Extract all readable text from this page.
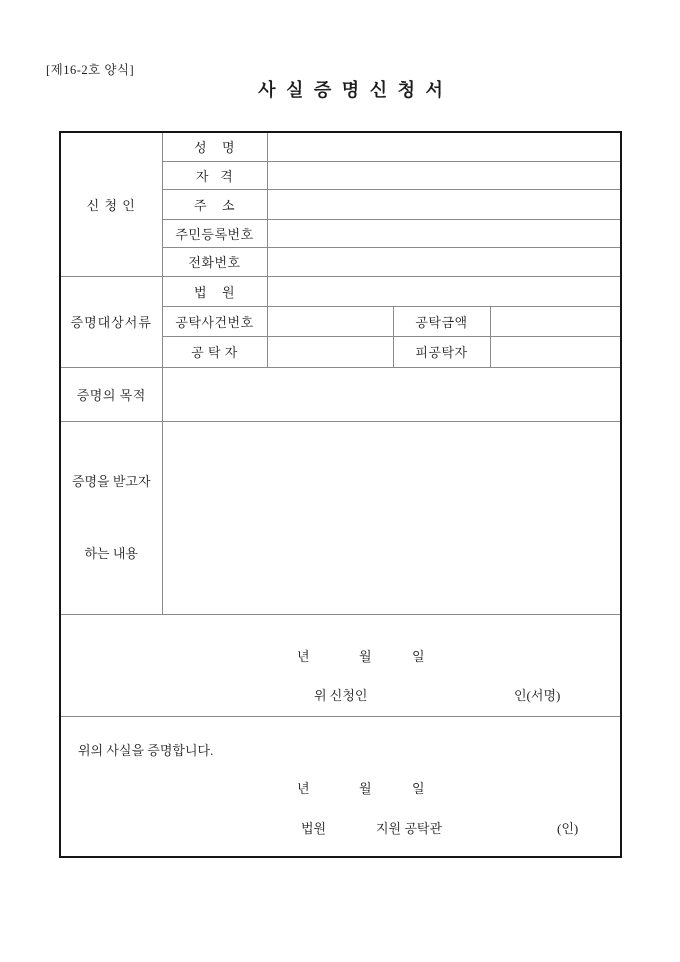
[제16-2호 양식]
사 실 증 명 신 청 서
신 청 인	성    명			
	자   격			
	주    소			
	주민등록번호			
	전화번호			
증명대상서류	법    원			
	공탁사건번호		공탁금액	
	공 탁 자		피공탁자	
증명의 목적				

증명을 받고자

하는 내용				

년 월 일
위 신청인 인(서명)				

위의 사실을 증명합니다.
년	월	일
법원	지원 공탁관	(인)
